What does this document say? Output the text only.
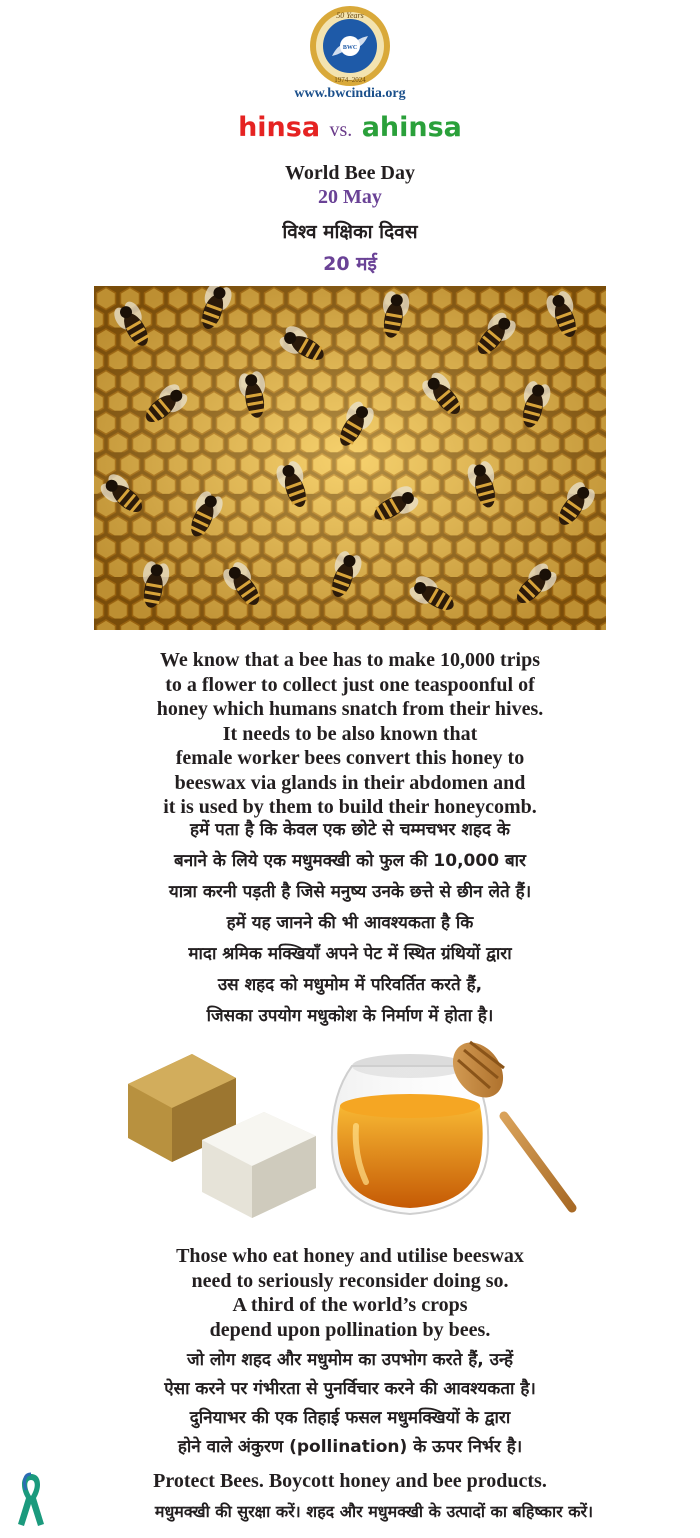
50 Years
BWC
1974–2024
www.bwcindia.org
hinsa vs. ahinsa
World Bee Day
20 May
विश्व मक्षिका दिवस
20 मई
We know that a bee has to make 10,000 trips
to a flower to collect just one teaspoonful of
honey which humans snatch from their hives.
It needs to be also known that
female worker bees convert this honey to
beeswax via glands in their abdomen and
it is used by them to build their honeycomb.
हमें पता है कि केवल एक छोटे से चम्मचभर शहद के
बनाने के लिये एक मधुमक्खी को फुल की 10,000 बार
यात्रा करनी पड़ती है जिसे मनुष्य उनके छत्ते से छीन लेते हैं।
हमें यह जानने की भी आवश्यकता है कि
मादा श्रमिक मक्खियाँ अपने पेट में स्थित ग्रंथियों द्वारा
उस शहद को मधुमोम में परिवर्तित करते हैं,
जिसका उपयोग मधुकोश के निर्माण में होता है।
Those who eat honey and utilise beeswax
need to seriously reconsider doing so.
A third of the world’s crops
depend upon pollination by bees.
जो लोग शहद और मधुमोम का उपभोग करते हैं, उन्हें
ऐसा करने पर गंभीरता से पुनर्विचार करने की आवश्यकता है।
दुनियाभर की एक तिहाई फसल मधुमक्खियों के द्वारा
होने वाले अंकुरण (pollination) के ऊपर निर्भर है।
Protect Bees. Boycott honey and bee products.
मधुमक्खी की सुरक्षा करें। शहद और मधुमक्खी के उत्पादों का बहिष्कार करें।
